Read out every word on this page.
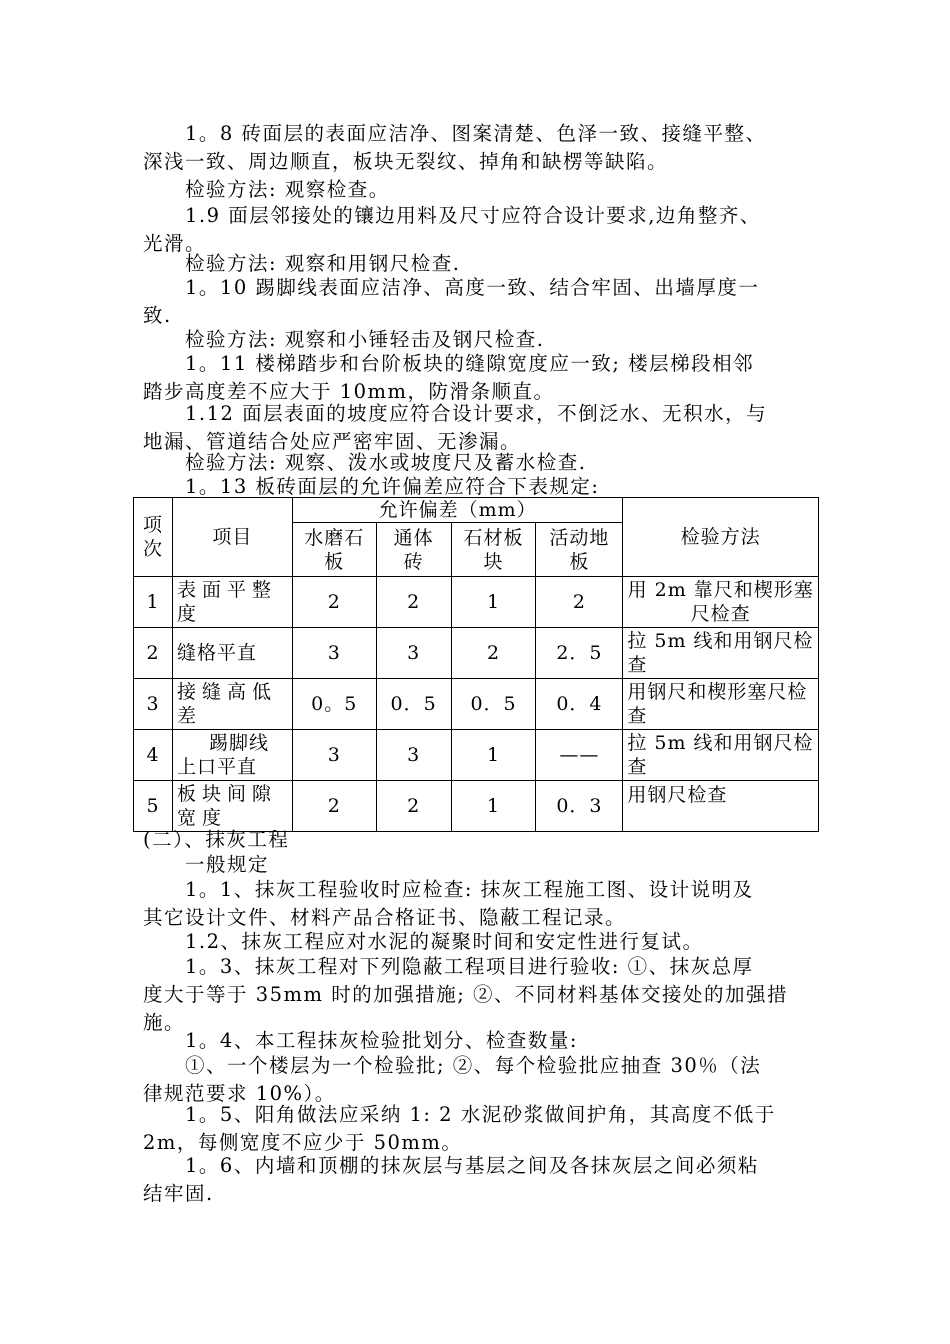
　　1。8 砖面层的表面应洁净、图案清楚、色泽一致、接缝平整、
深浅一致、周边顺直，板块无裂纹、掉角和缺楞等缺陷。
　　检验方法: 观察检查。
　　1.9 面层邻接处的镶边用料及尺寸应符合设计要求,边角整齐、
光滑。
　　检验方法: 观察和用钢尺检查.
　　1。10 踢脚线表面应洁净、高度一致、结合牢固、出墙厚度一
致.
　　检验方法: 观察和小锤轻击及钢尺检查.
　　1。11 楼梯踏步和台阶板块的缝隙宽度应一致; 楼层梯段相邻
踏步高度差不应大于 10mm，防滑条顺直。
　　1.12 面层表面的坡度应符合设计要求，不倒泛水、无积水，与
地漏、管道结合处应严密牢固、无渗漏。
　　检验方法: 观察、泼水或坡度尺及蓄水检查.
　　1。13 板砖面层的允许偏差应符合下表规定:
项次	项目	允许偏差（mm）				检验方法
		水磨石板	通体砖	石材板块	活动地板	
1	表面平整度	2	2	1	2	用 2m 靠尺和楔形塞尺检查
2	缝格平直	3	3	2	2．5	拉 5m 线和用钢尺检查
3	接缝高低差	0。5	0．5	0．5	0．4	用钢尺和楔形塞尺检查
4	踢脚线上口平直	3	3	1	——	拉 5m 线和用钢尺检查
5	板块间隙宽度	2	2	1	0．3	用钢尺检查
(二）、抹灰工程
　　一般规定
　　1。1、抹灰工程验收时应检查: 抹灰工程施工图、设计说明及
其它设计文件、材料产品合格证书、隐蔽工程记录。
　　1.2、抹灰工程应对水泥的凝聚时间和安定性进行复试。
　　1。3、抹灰工程对下列隐蔽工程项目进行验收: ①、抹灰总厚
度大于等于 35mm 时的加强措施; ②、不同材料基体交接处的加强措
施。
　　1。4、本工程抹灰检验批划分、检查数量:
　　①、一个楼层为一个检验批; ②、每个检验批应抽查 30％（法
律规范要求 10%）。
　　1。5、阳角做法应采纳 1: 2 水泥砂浆做间护角，其高度不低于
2m，每侧宽度不应少于 50mm。
　　1。6、内墙和顶棚的抹灰层与基层之间及各抹灰层之间必须粘
结牢固.
